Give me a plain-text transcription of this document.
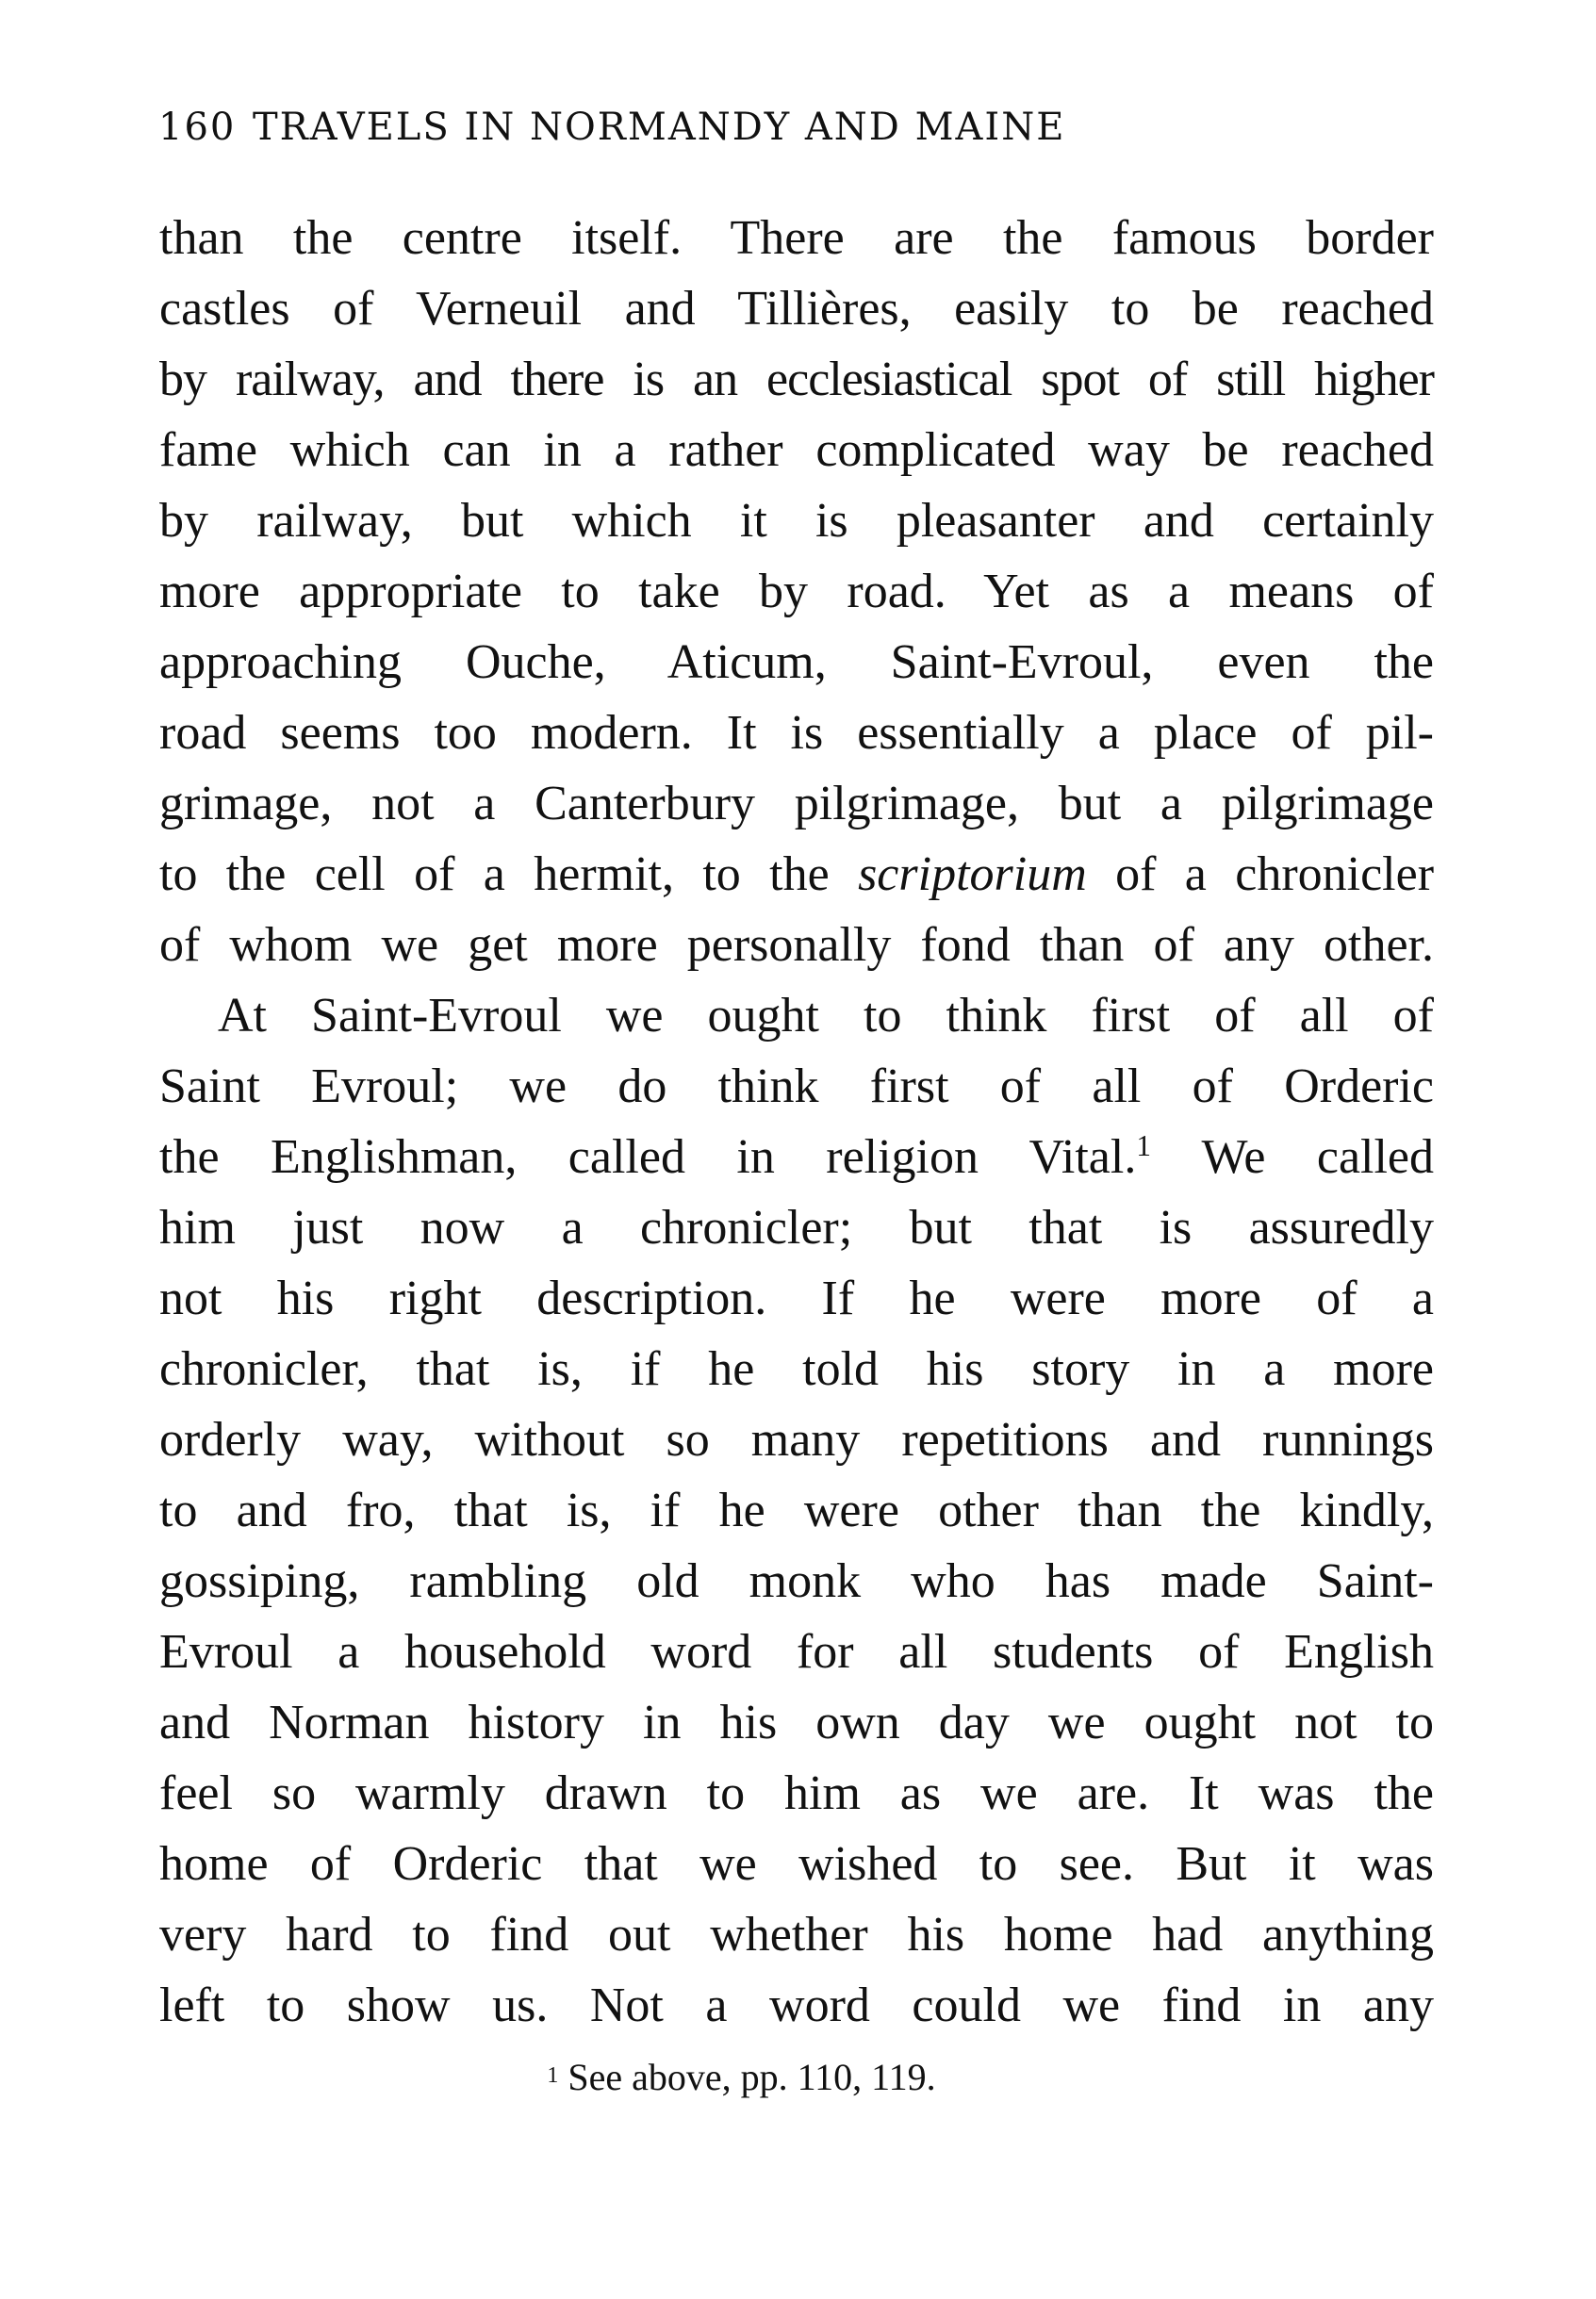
160 TRAVELS IN NORMANDY AND MAINE
than the centre itself. There are the famous border
castles of Verneuil and Tillières, easily to be reached
by railway, and there is an ecclesiastical spot of still higher
fame which can in a rather complicated way be reached
by railway, but which it is pleasanter and certainly
more appropriate to take by road. Yet as a means of
approaching Ouche, Aticum, Saint-Evroul, even the
road seems too modern. It is essentially a place of pil-
grimage, not a Canterbury pilgrimage, but a pilgrimage
to the cell of a hermit, to the scriptorium of a chronicler
of whom we get more personally fond than of any other.
At Saint-Evroul we ought to think first of all of
Saint Evroul; we do think first of all of Orderic
the Englishman, called in religion Vital.$^1$ We called
him just now a chronicler; but that is assuredly
not his right description. If he were more of a
chronicler, that is, if he told his story in a more
orderly way, without so many repetitions and runnings
to and fro, that is, if he were other than the kindly,
gossiping, rambling old monk who has made Saint-
Evroul a household word for all students of English
and Norman history in his own day we ought not to
feel so warmly drawn to him as we are. It was the
home of Orderic that we wished to see. But it was
very hard to find out whether his home had anything
left to show us. Not a word could we find in any
$^1$ See above, pp. 110, 119.
